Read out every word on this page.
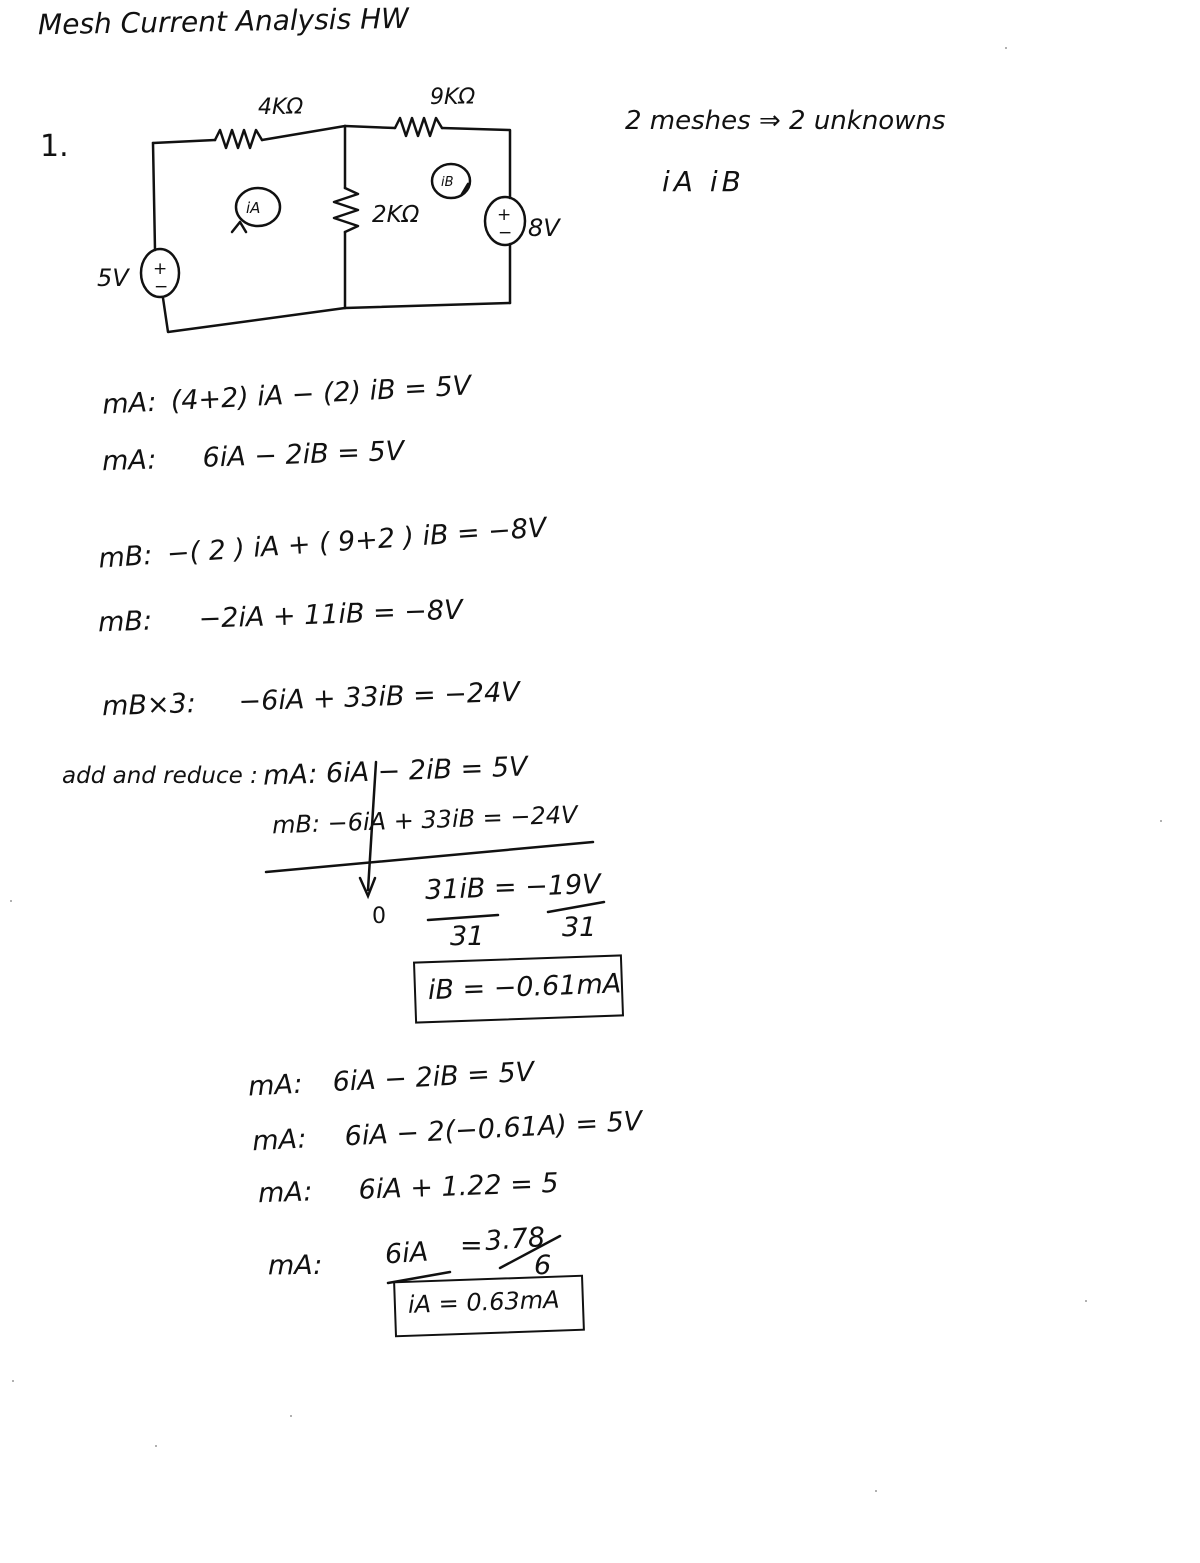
Mesh Current Analysis HW
1.
4KΩ	9KΩ
2KΩ
5V
8V
iA
iB
+
−
+
−
2 meshes ⇒ 2 unknowns
iA iB
mA: (4+2) iA − (2) iB = 5V
mA: 6iA − 2iB = 5V
mB: −( 2 ) iA + ( 9+2 ) iB = −8V
mB: −2iA + 11iB = −8V
mB×3: −6iA + 33iB = −24V
add and reduce : mA: 6iA − 2iB = 5V
mB: −6iA + 33iB = −24V
0
31iB = −19V
31	31
iB = −0.61mA
mA: 6iA − 2iB = 5V
mA: 6iA − 2(−0.61A) = 5V
mA: 6iA + 1.22 = 5
mA: 6iA = 3.78
6
iA = 0.63mA
